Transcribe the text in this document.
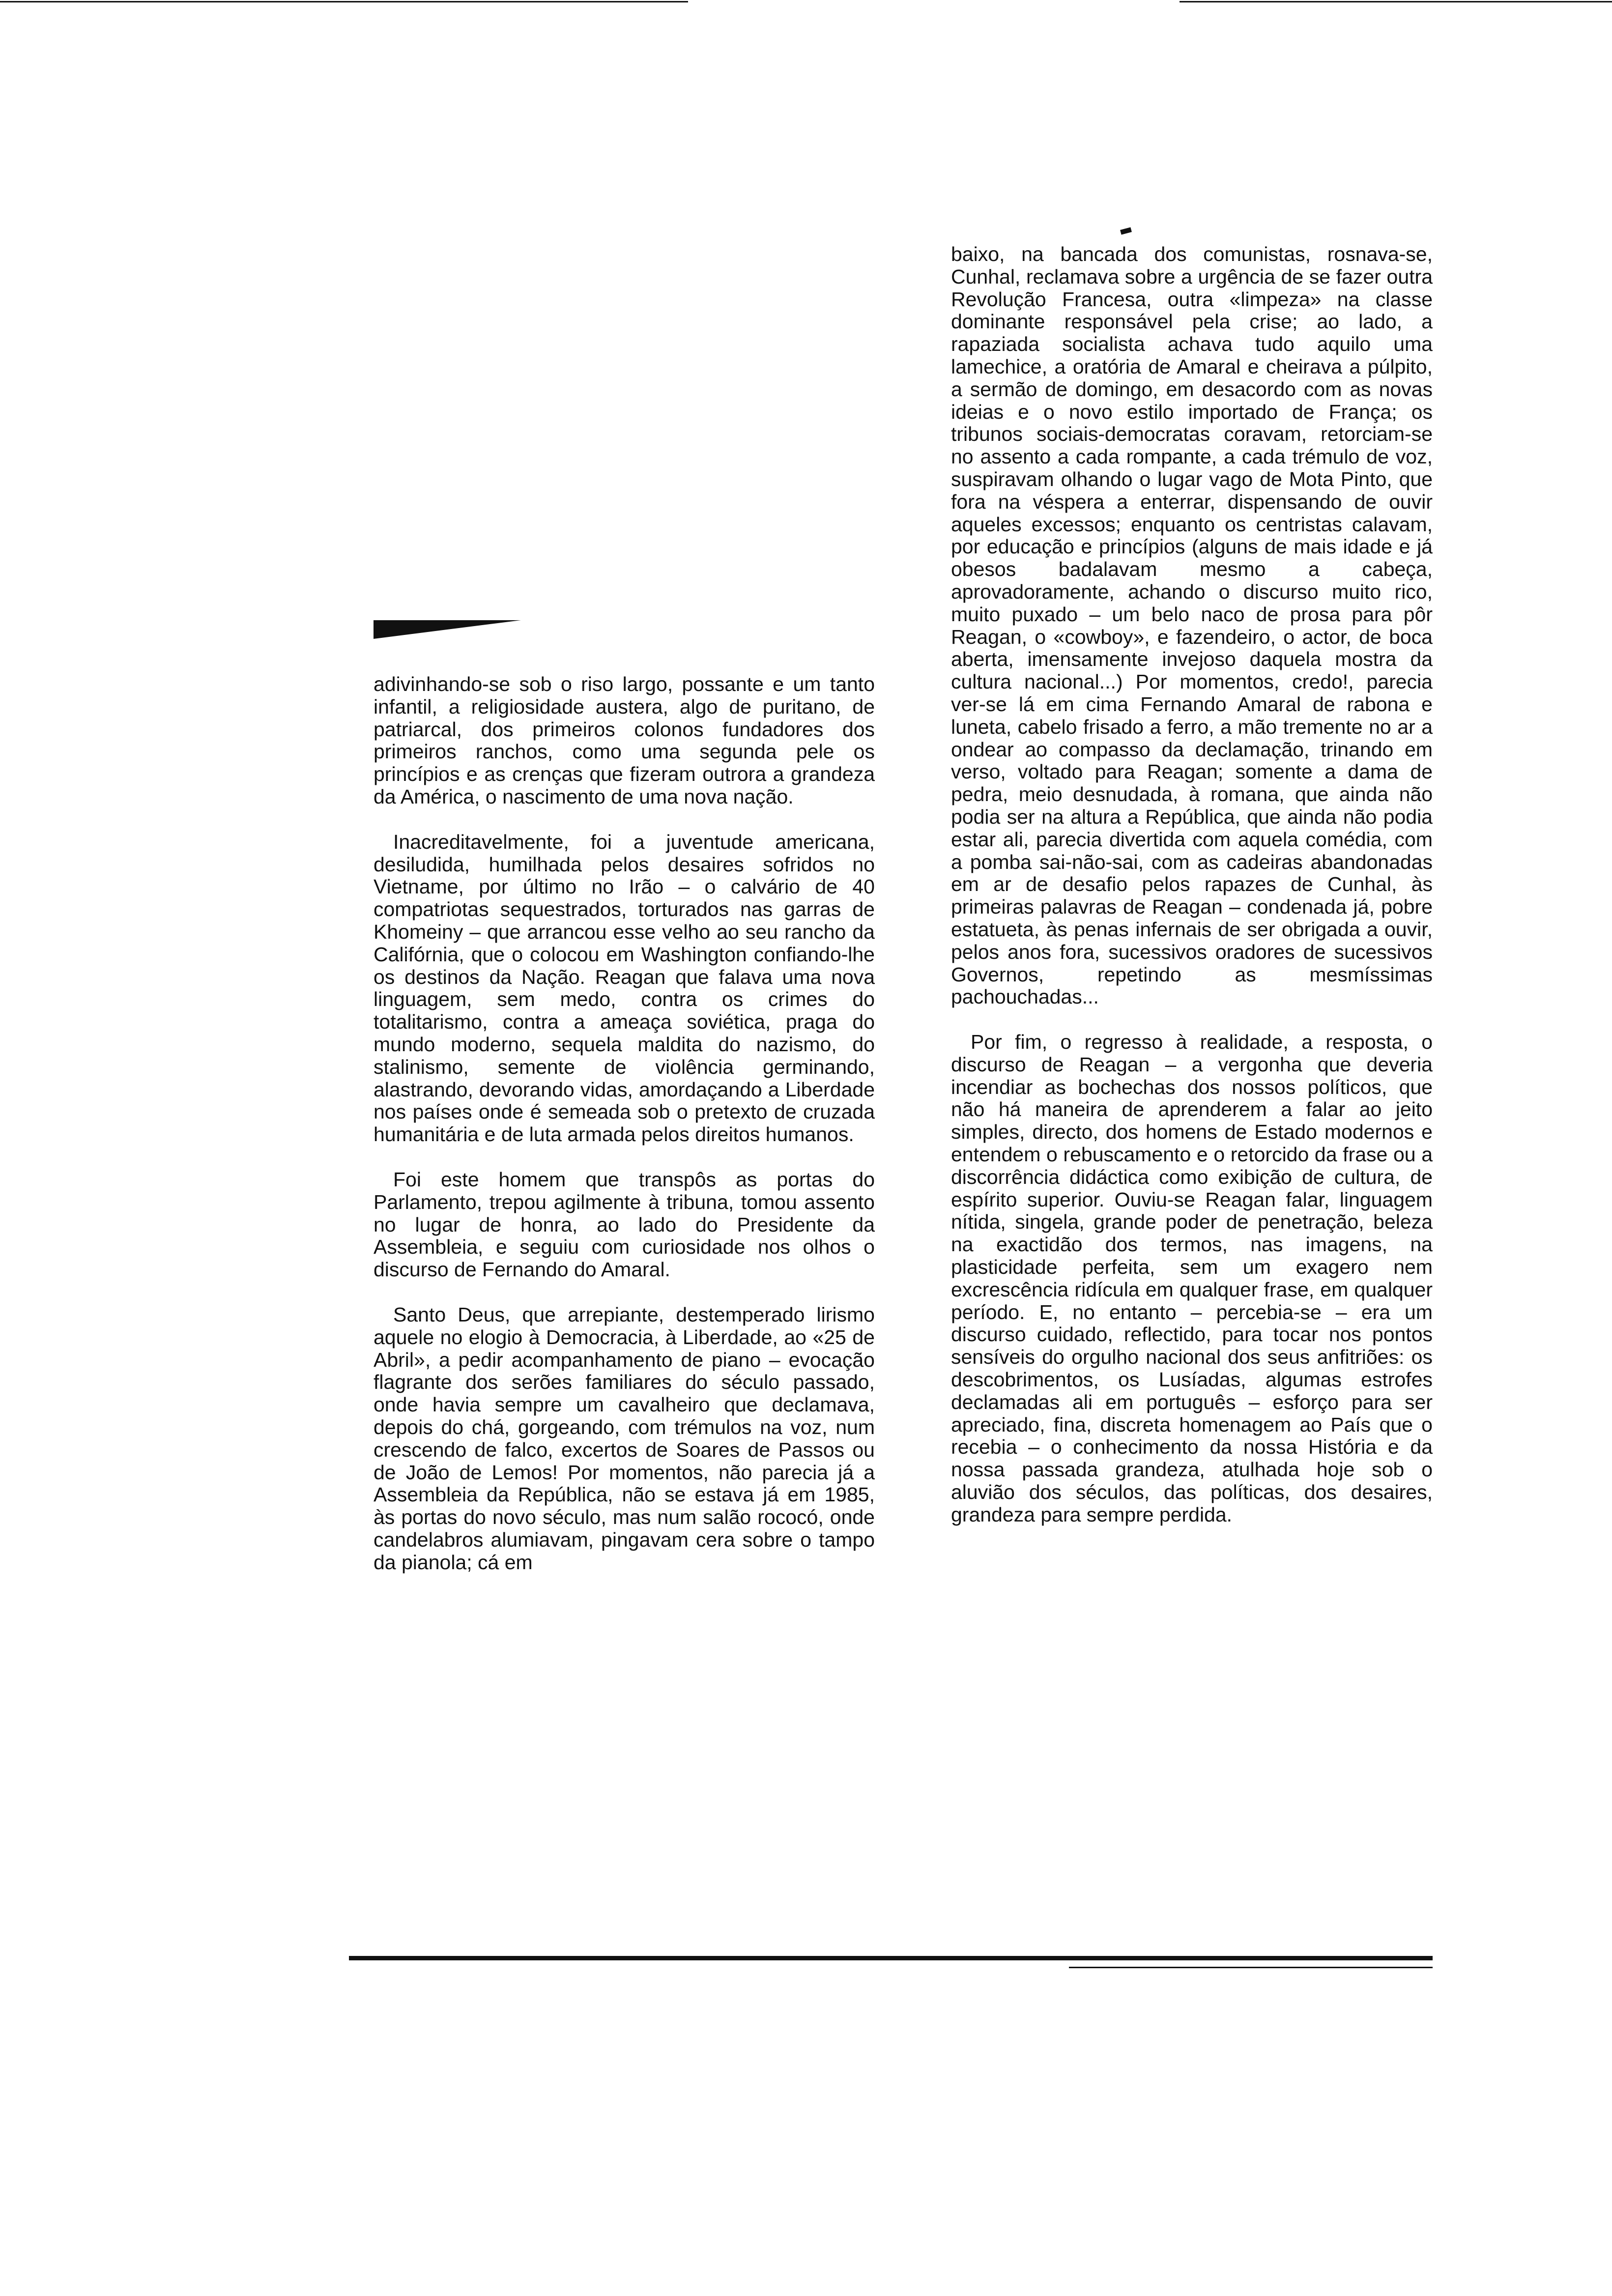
adivinhando-se sob o riso largo, possante e um tanto infantil, a religiosidade austera, algo de puritano, de patriarcal, dos primeiros colonos fundadores dos primeiros ranchos, como uma segunda pele os princípios e as crenças que fizeram outrora a grandeza da América, o nascimento de uma nova nação.

Inacreditavelmente, foi a juventude americana, desiludida, humilhada pelos desaires sofridos no Vietname, por último no Irão – o calvário de 40 compatriotas sequestrados, torturados nas garras de Khomeiny – que arrancou esse velho ao seu rancho da Califórnia, que o colocou em Washington confiando-lhe os destinos da Nação. Reagan que falava uma nova linguagem, sem medo, contra os crimes do totalitarismo, contra a ameaça soviética, praga do mundo moderno, sequela maldita do nazismo, do stalinismo, semente de violência germinando, alastrando, devorando vidas, amordaçando a Liberdade nos países onde é semeada sob o pretexto de cruzada humanitária e de luta armada pelos direitos humanos.

Foi este homem que transpôs as portas do Parlamento, trepou agilmente à tribuna, tomou assento no lugar de honra, ao lado do Presidente da Assembleia, e seguiu com curiosidade nos olhos o discurso de Fernando do Amaral.

Santo Deus, que arrepiante, destemperado lirismo aquele no elogio à Democracia, à Liberdade, ao «25 de Abril», a pedir acompanhamento de piano – evocação flagrante dos serões familiares do século passado, onde havia sempre um cavalheiro que declamava, depois do chá, gorgeando, com trémulos na voz, num crescendo de falco, excertos de Soares de Passos ou de João de Lemos! Por momentos, não parecia já a Assembleia da República, não se estava já em 1985, às portas do novo século, mas num salão rococó, onde candelabros alumiavam, pingavam cera sobre o tampo da pianola; cá em

baixo, na bancada dos comunistas, rosnava-se, Cunhal, reclamava sobre a urgência de se fazer outra Revolução Francesa, outra «limpeza» na classe dominante responsável pela crise; ao lado, a rapaziada socialista achava tudo aquilo uma lamechice, a oratória de Amaral e cheirava a púlpito, a sermão de domingo, em desacordo com as novas ideias e o novo estilo importado de França; os tribunos sociais-democratas coravam, retorciam-se no assento a cada rompante, a cada trémulo de voz, suspiravam olhando o lugar vago de Mota Pinto, que fora na véspera a enterrar, dispensando de ouvir aqueles excessos; enquanto os centristas calavam, por educação e princípios (alguns de mais idade e já obesos badalavam mesmo a cabeça, aprovadoramente, achando o discurso muito rico, muito puxado – um belo naco de prosa para pôr Reagan, o «cowboy», e fazendeiro, o actor, de boca aberta, imensamente invejoso daquela mostra da cultura nacional...) Por momentos, credo!, parecia ver-se lá em cima Fernando Amaral de rabona e luneta, cabelo frisado a ferro, a mão tremente no ar a ondear ao compasso da declamação, trinando em verso, voltado para Reagan; somente a dama de pedra, meio desnudada, à romana, que ainda não podia ser na altura a República, que ainda não podia estar ali, parecia divertida com aquela comédia, com a pomba sai-não-sai, com as cadeiras abandonadas em ar de desafio pelos rapazes de Cunhal, às primeiras palavras de Reagan – condenada já, pobre estatueta, às penas infernais de ser obrigada a ouvir, pelos anos fora, sucessivos oradores de sucessivos Governos, repetindo as mesmíssimas pachouchadas...

Por fim, o regresso à realidade, a resposta, o discurso de Reagan – a vergonha que deveria incendiar as bochechas dos nossos políticos, que não há maneira de aprenderem a falar ao jeito simples, directo, dos homens de Estado modernos e entendem o rebuscamento e o retorcido da frase ou a discorrência didáctica como exibição de cultura, de espírito superior. Ouviu-se Reagan falar, linguagem nítida, singela, grande poder de penetração, beleza na exactidão dos termos, nas imagens, na plasticidade perfeita, sem um exagero nem excrescência ridícula em qualquer frase, em qualquer período. E, no entanto – percebia-se – era um discurso cuidado, reflectido, para tocar nos pontos sensíveis do orgulho nacional dos seus anfitriões: os descobrimentos, os Lusíadas, algumas estrofes declamadas ali em português – esforço para ser apreciado, fina, discreta homenagem ao País que o recebia – o conhecimento da nossa História e da nossa passada grandeza, atulhada hoje sob o aluvião dos séculos, das políticas, dos desaires, grandeza para sempre perdida.
